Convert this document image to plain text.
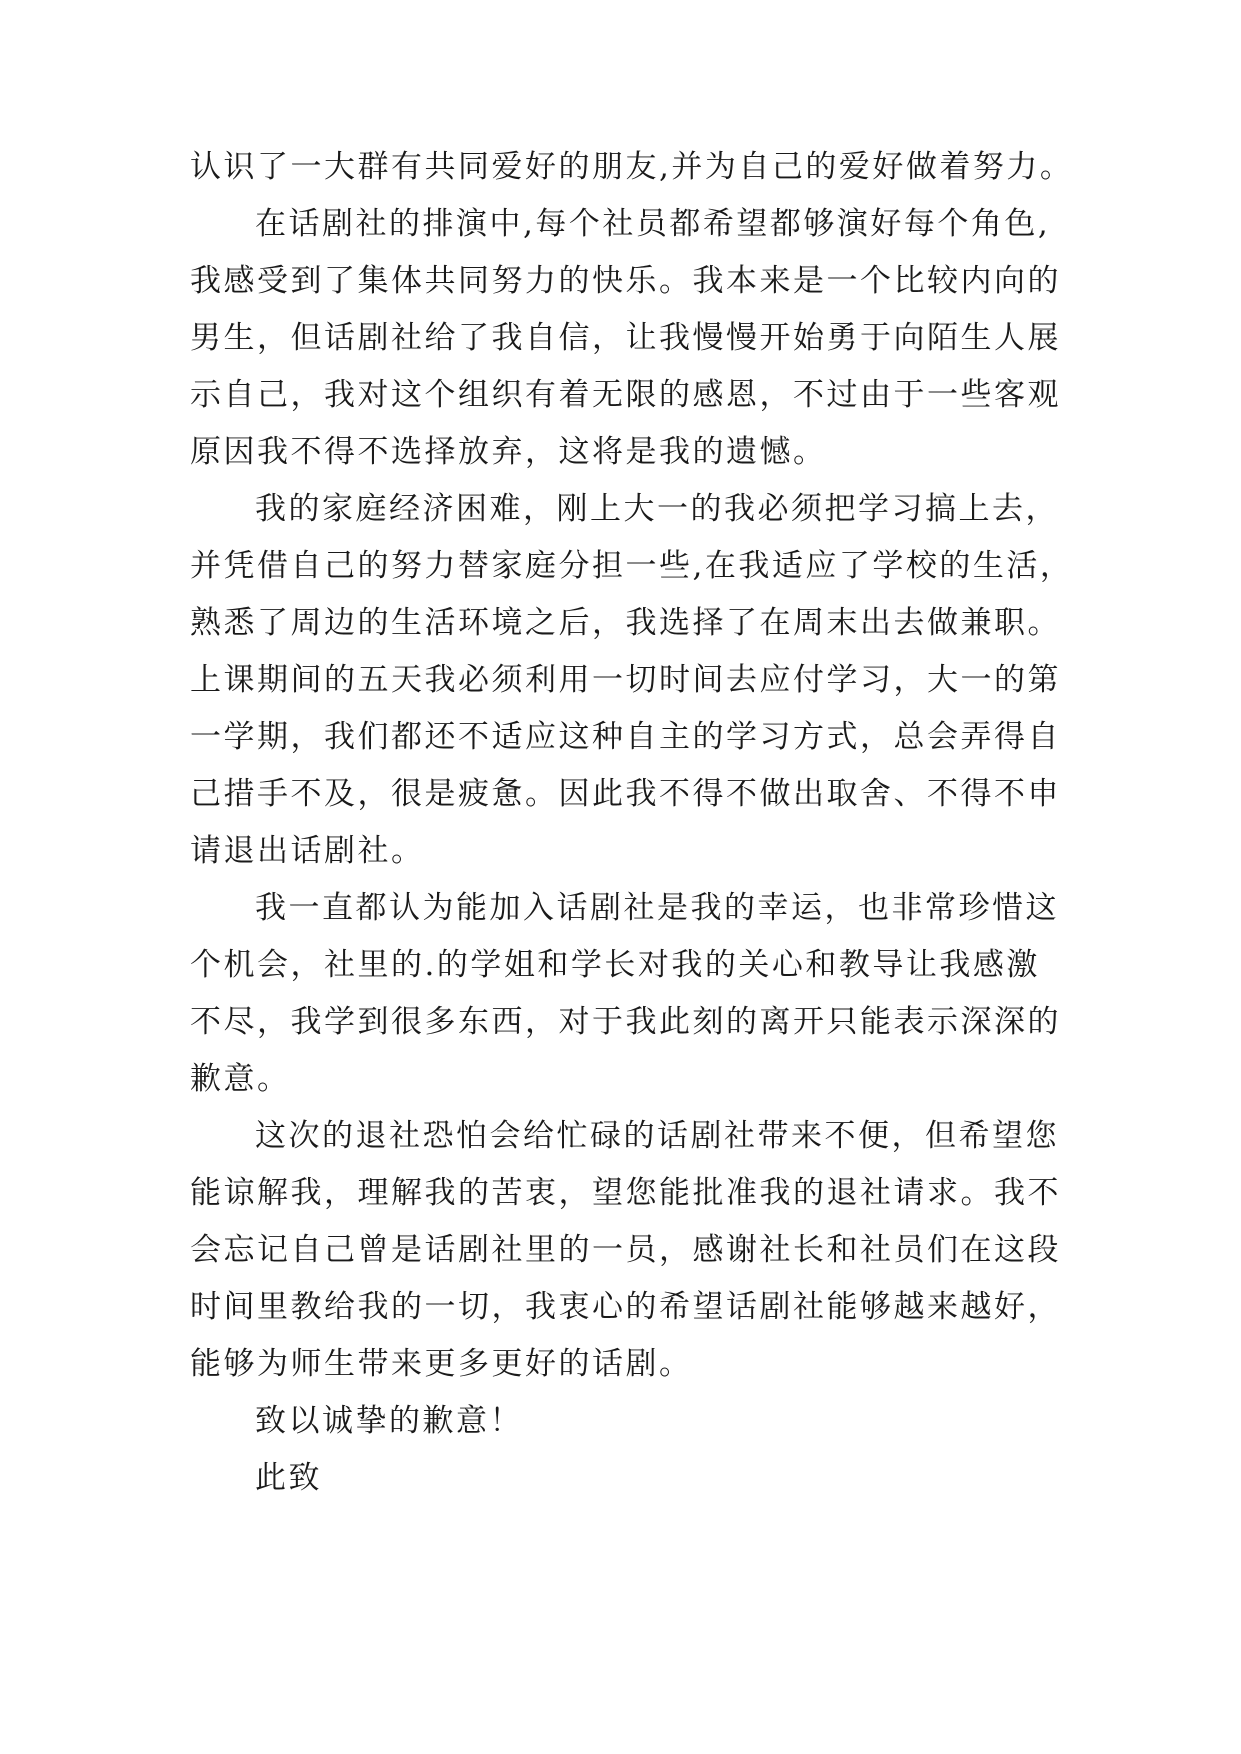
认识了一大群有共同爱好的朋友,并为自己的爱好做着努力。
在话剧社的排演中,每个社员都希望都够演好每个角色,
我感受到了集体共同努力的快乐。我本来是一个比较内向的
男生，但话剧社给了我自信，让我慢慢开始勇于向陌生人展
示自己，我对这个组织有着无限的感恩，不过由于一些客观
原因我不得不选择放弃，这将是我的遗憾。
我的家庭经济困难，刚上大一的我必须把学习搞上去，
并凭借自己的努力替家庭分担一些,在我适应了学校的生活，
熟悉了周边的生活环境之后，我选择了在周末出去做兼职。
上课期间的五天我必须利用一切时间去应付学习，大一的第
一学期，我们都还不适应这种自主的学习方式，总会弄得自
己措手不及，很是疲惫。因此我不得不做出取舍、不得不申
请退出话剧社。
我一直都认为能加入话剧社是我的幸运，也非常珍惜这
个机会，社里的.的学姐和学长对我的关心和教导让我感激
不尽，我学到很多东西，对于我此刻的离开只能表示深深的
歉意。
这次的退社恐怕会给忙碌的话剧社带来不便，但希望您
能谅解我，理解我的苦衷，望您能批准我的退社请求。我不
会忘记自己曾是话剧社里的一员，感谢社长和社员们在这段
时间里教给我的一切，我衷心的希望话剧社能够越来越好，
能够为师生带来更多更好的话剧。
致以诚挚的歉意！
此致
